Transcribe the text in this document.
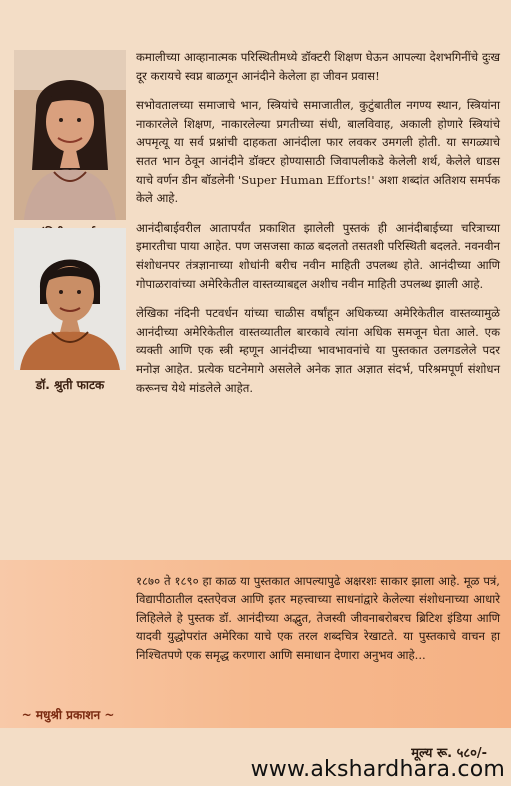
डॉ. श्रुती फाटक

कमालीच्या आव्हानात्मक परिस्थितीमध्ये डॉक्टरी शिक्षण घेऊन आपल्या देशभगिनींचे दुःख दूर करायचे स्वप्न बाळगून आनंदीने केलेला हा जीवन प्रवास!

सभोवतालच्या समाजाचे भान, स्त्रियांचे समाजातील, कुटुंबातील नगण्य स्थान, स्त्रियांना नाकारलेले शिक्षण, नाकारलेल्या प्रगतीच्या संधी, बालविवाह, अकाली होणारे स्त्रियांचे अपमृत्यू या सर्व प्रश्नांची दाहकता आनंदीला फार लवकर उमगली होती. या सगळ्याचे सतत भान ठेवून आनंदीने डॉक्टर होण्यासाठी जिवापलीकडे केलेली शर्थ, केलेले धाडस याचे वर्णन डीन बॉडलेनी 'Super Human Efforts!' अशा शब्दांत अतिशय समर्पक केले आहे.

आनंदीबाईवरील आतापर्यंत प्रकाशित झालेली पुस्तकं ही आनंदीबाईच्या चरित्राच्या इमारतीचा पाया आहेत. पण जसजसा काळ बदलतो तसतशी परिस्थिती बदलते. नवनवीन संशोधनपर तंत्रज्ञानाच्या शोधांनी बरीच नवीन माहिती उपलब्ध होते. आनंदीच्या आणि गोपाळरावांच्या अमेरिकेतील वास्तव्याबद्दल अशीच नवीन माहिती उपलब्ध झाली आहे.

लेखिका नंदिनी पटवर्धन यांच्या चाळीस वर्षांहून अधिकच्या अमेरिकेतील वास्तव्यामुळे आनंदीच्या अमेरिकेतील वास्तव्यातील बारकावे त्यांना अधिक समजून घेता आले. एक व्यक्ती आणि एक स्त्री म्हणून आनंदीच्या भावभावनांचे या पुस्तकात उलगडलेले पदर मनोज्ञ आहेत. प्रत्येक घटनेमागे असलेले अनेक ज्ञात अज्ञात संदर्भ, परिश्रमपूर्ण संशोधन करूनच येथे मांडलेले आहेत.

१८७० ते १८९० हा काळ या पुस्तकात आपल्यापुढे अक्षरशः साकार झाला आहे. मूळ पत्रं, विद्यापीठातील दस्तऐवज आणि इतर महत्त्वाच्या साधनांद्वारे केलेल्या संशोधनाच्या आधारे लिहिलेले हे पुस्तक डॉ. आनंदीच्या अद्भुत, तेजस्वी जीवनाबरोबरच ब्रिटिश इंडिया आणि यादवी युद्धोपरांत अमेरिका याचे एक तरल शब्दचित्र रेखाटते. या पुस्तकाचे वाचन हा निश्चितपणे एक समृद्ध करणारा आणि समाधान देणारा अनुभव आहे...
~ मधुश्री प्रकाशन ~
मूल्य रू. ५८०/-
www.akshardhara.com
